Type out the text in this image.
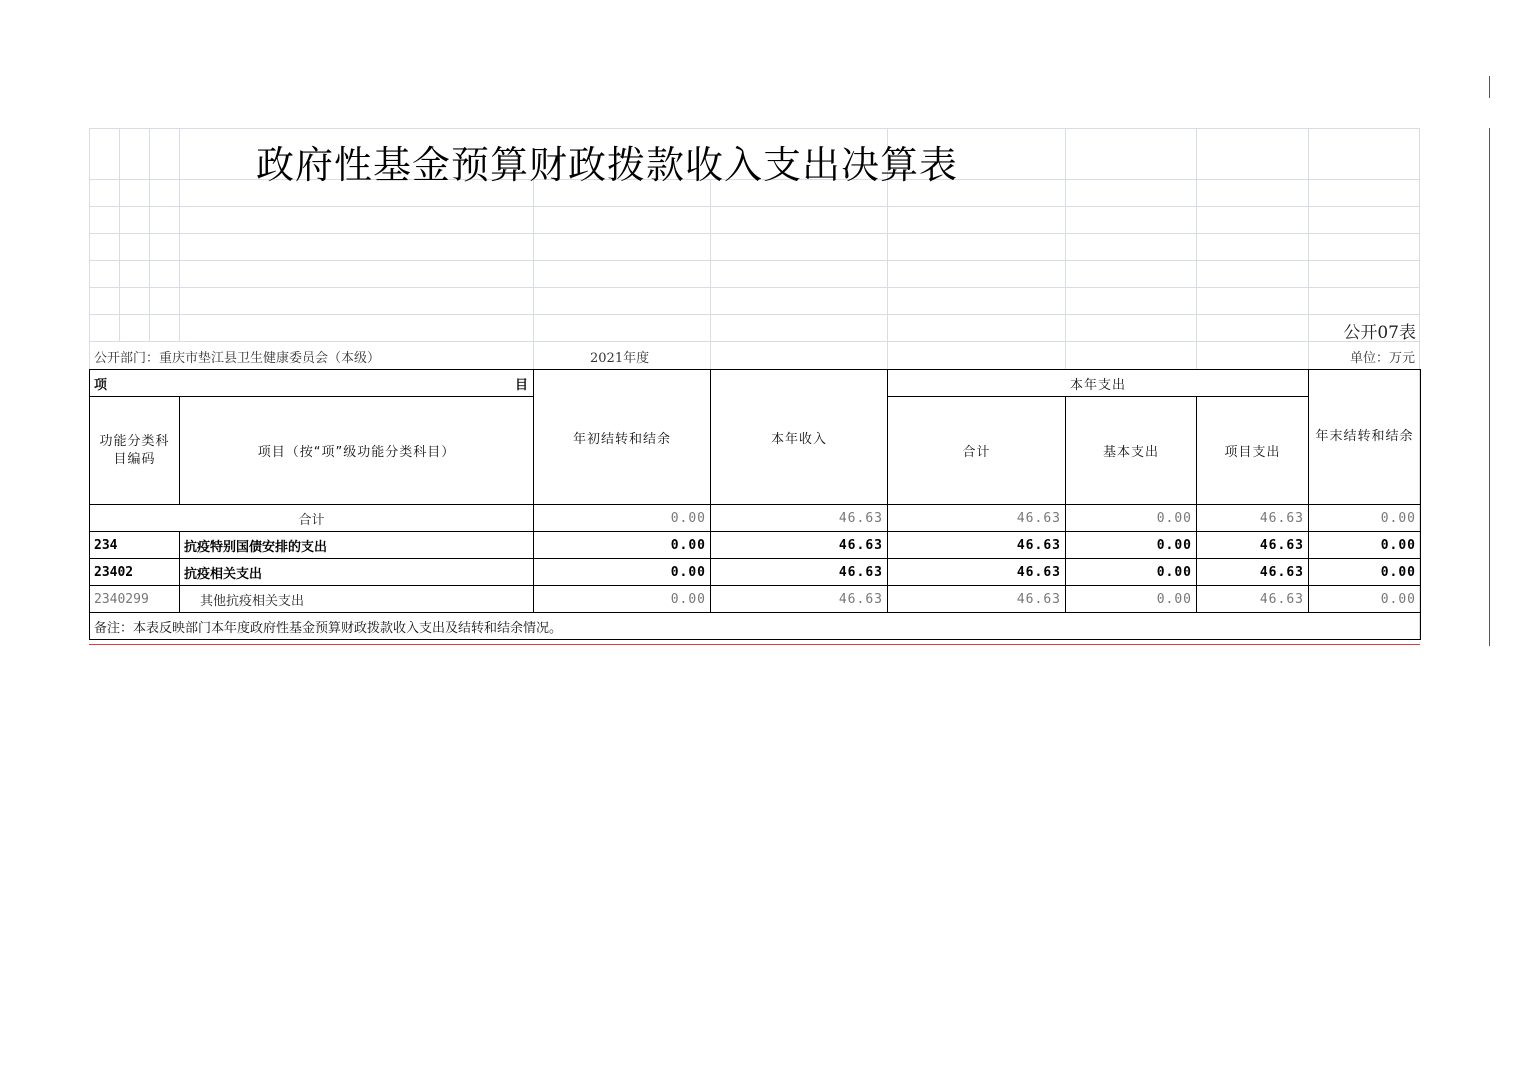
政府性基金预算财政拨款收入支出决算表
公开07表
公开部门：重庆市垫江县卫生健康委员会（本级）	2021年度	单位：万元
项 目		年初结转和结余	本年收入	本年支出			年末结转和结余
功能分类科目编码	项目（按“项”级功能分类科目）			合计	基本支出	项目支出	
合计		0.00	46.63	46.63	0.00	46.63	0.00
234	抗疫特别国债安排的支出	0.00	46.63	46.63	0.00	46.63	0.00
23402	抗疫相关支出	0.00	46.63	46.63	0.00	46.63	0.00
2340299	其他抗疫相关支出	0.00	46.63	46.63	0.00	46.63	0.00
备注：本表反映部门本年度政府性基金预算财政拨款收入支出及结转和结余情况。							
